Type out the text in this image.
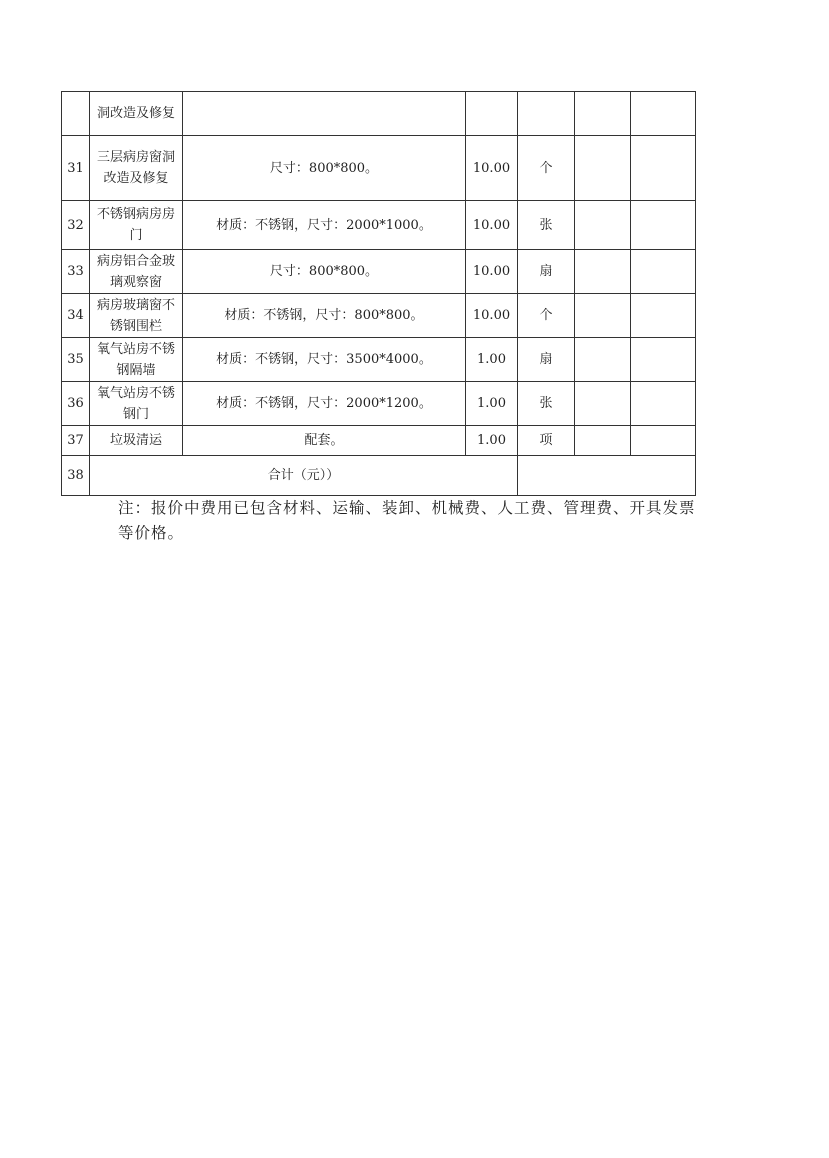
	洞改造及修复					
31	三层病房窗洞改造及修复	尺寸：800*800。	10.00	个		
32	不锈钢病房房门	材质：不锈钢，尺寸：2000*1000。	10.00	张		
33	病房铝合金玻璃观察窗	尺寸：800*800。	10.00	扇		
34	病房玻璃窗不锈钢围栏	材质：不锈钢，尺寸：800*800。	10.00	个		
35	氧气站房不锈钢隔墙	材质：不锈钢，尺寸：3500*4000。	1.00	扇		
36	氧气站房不锈钢门	材质：不锈钢，尺寸：2000*1200。	1.00	张		
37	垃圾清运	配套。	1.00	项		
38	合计（元））					
注：报价中费用已包含材料、运输、装卸、机械费、人工费、管理费、开具发票等价格。
